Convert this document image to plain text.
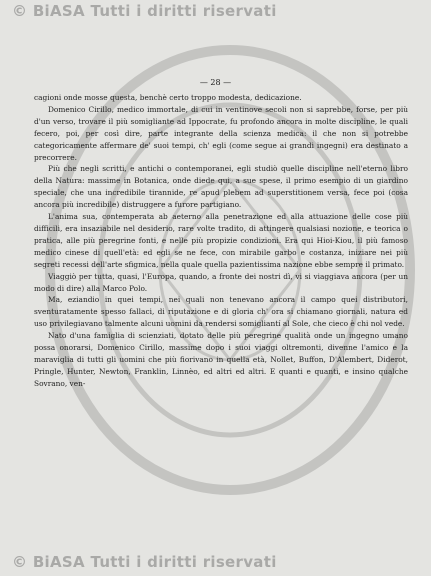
© BiASA Tutti i diritti riservati
— 28 —

cagioni onde mosse questa, benchè certo troppo modesta, dedicazione.

Domenico Cirillo, medico immortale, di cui in ventinove secoli non si saprebbe, forse, per più d'un verso, trovare il più somigliante ad Ippocrate, fu profondo ancora in molte discipline, le quali fecero, poi, per così dire, parte integrante della scienza medica: il che non si potrebbe categoricamente affermare de' suoi tempi, ch' egli (come segue ai grandi ingegni) era destinato a precorrere.

Più che negli scritti, e antichi o contemporanei, egli studiò quelle discipline nell'eterno libro della Natura: massime in Botanica, onde diede qui, a sue spese, il primo esempio di un giardino speciale, che una incredibile tirannide, re apud plebem ad superstitionem versa, fece poi (cosa ancora più incredibile) distruggere a furore partigiano.

L'anima sua, contemperata ab aeterno alla penetrazione ed alla attuazione delle cose più difficili, era insaziabile nel desiderio, rare volte tradito, di attingere qualsiasi nozione, e teorica o pratica, alle più peregrine fonti, e nelle più propizie condizioni. Era qui Hioi-Kiou, il più famoso medico cinese di quell'età: ed egli se ne fece, con mirabile garbo e costanza, iniziare nei più segreti recessi dell'arte sfigmica, nella quale quella pazientissima nazione ebbe sempre il primato.

Viaggiò per tutta, quasi, l'Europa, quando, a fronte dei nostri dì, vi si viaggiava ancora (per un modo di dire) alla Marco Polo.

Ma, eziandio in quei tempi, nei quali non tenevano ancora il campo quei distributori, sventuratamente spesso fallaci, di riputazione e di gloria ch' ora si chiamano giornali, natura ed uso privilegiavano talmente alcuni uomini da rendersi somigliantí al Sole, che cieco è chi nol vede.

Nato d'una famiglia di scienziati, dotato delle più peregrine qualità onde un ingegno umano possa onorarsi, Domenico Cirillo, massime dopo i suoi viaggi oltremonti, divenne l'amico e la maraviglia di tutti gli uomini che più fiorivano in quella età, Nollet, Buffon, D'Alembert, Diderot, Pringle, Hunter, Newton, Franklin, Linnèo, ed altri ed altri. E quanti e quanti, e insino qualche Sovrano, ven-

© BiASA Tutti i diritti riservati
